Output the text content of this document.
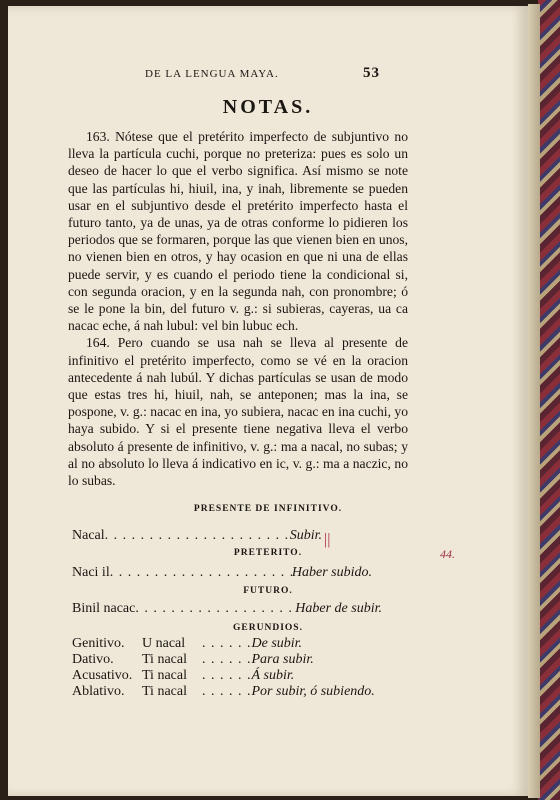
DE LA LENGUA MAYA.	53
NOTAS.

163. Nótese que el pretérito imperfecto de subjuntivo no lleva la partícula cuchi, porque no preteriza: pues es solo un deseo de hacer lo que el verbo significa. Así mismo se note que las partículas hi, hiuil, ina, y inah, libremente se pueden usar en el subjuntivo desde el pretérito imperfecto hasta el futuro tanto, ya de unas, ya de otras conforme lo pidieren los periodos que se formaren, porque las que vienen bien en unos, no vienen bien en otros, y hay ocasion en que ni una de ellas puede servir, y es cuando el periodo tiene la condicional si, con segunda oracion, y en la segunda nah, con pronombre; ó se le pone la bin, del futuro v. g.: si subieras, cayeras, ua ca nacac eche, á nah lubul: vel bin lubuc ech.

164. Pero cuando se usa nah se lleva al presente de infinitivo el pretérito imperfecto, como se vé en la oracion antecedente á nah lubúl. Y dichas partículas se usan de modo que estas tres hi, hiuil, nah, se anteponen; mas la ina, se pospone, v. g.: nacac en ina, yo subiera, nacac en ina cuchi, yo haya subido. Y si el presente tiene negativa lleva el verbo absoluto á presente de infinitivo, v. g.: ma a nacal, no subas; y al no absoluto lo lleva á indicativo en ic, v. g.: ma a naczic, no lo subas.

PRESENTE DE INFINITIVO.
Nacal . . .	Subir.
PRETERITO.
Naci il . . .	Haber subido.
FUTURO.
Binil nacac . . .	Haber de subir.
GERUNDIOS.
Genitivo. U nacal . . . . . .De subir.
Dativo. Ti nacal . . . . . .Para subir.
Acusativo. Ti nacal . . . . . .Á subir.
Ablativo. Ti nacal . . . . . .Por subir, ó subiendo.
||
44.
